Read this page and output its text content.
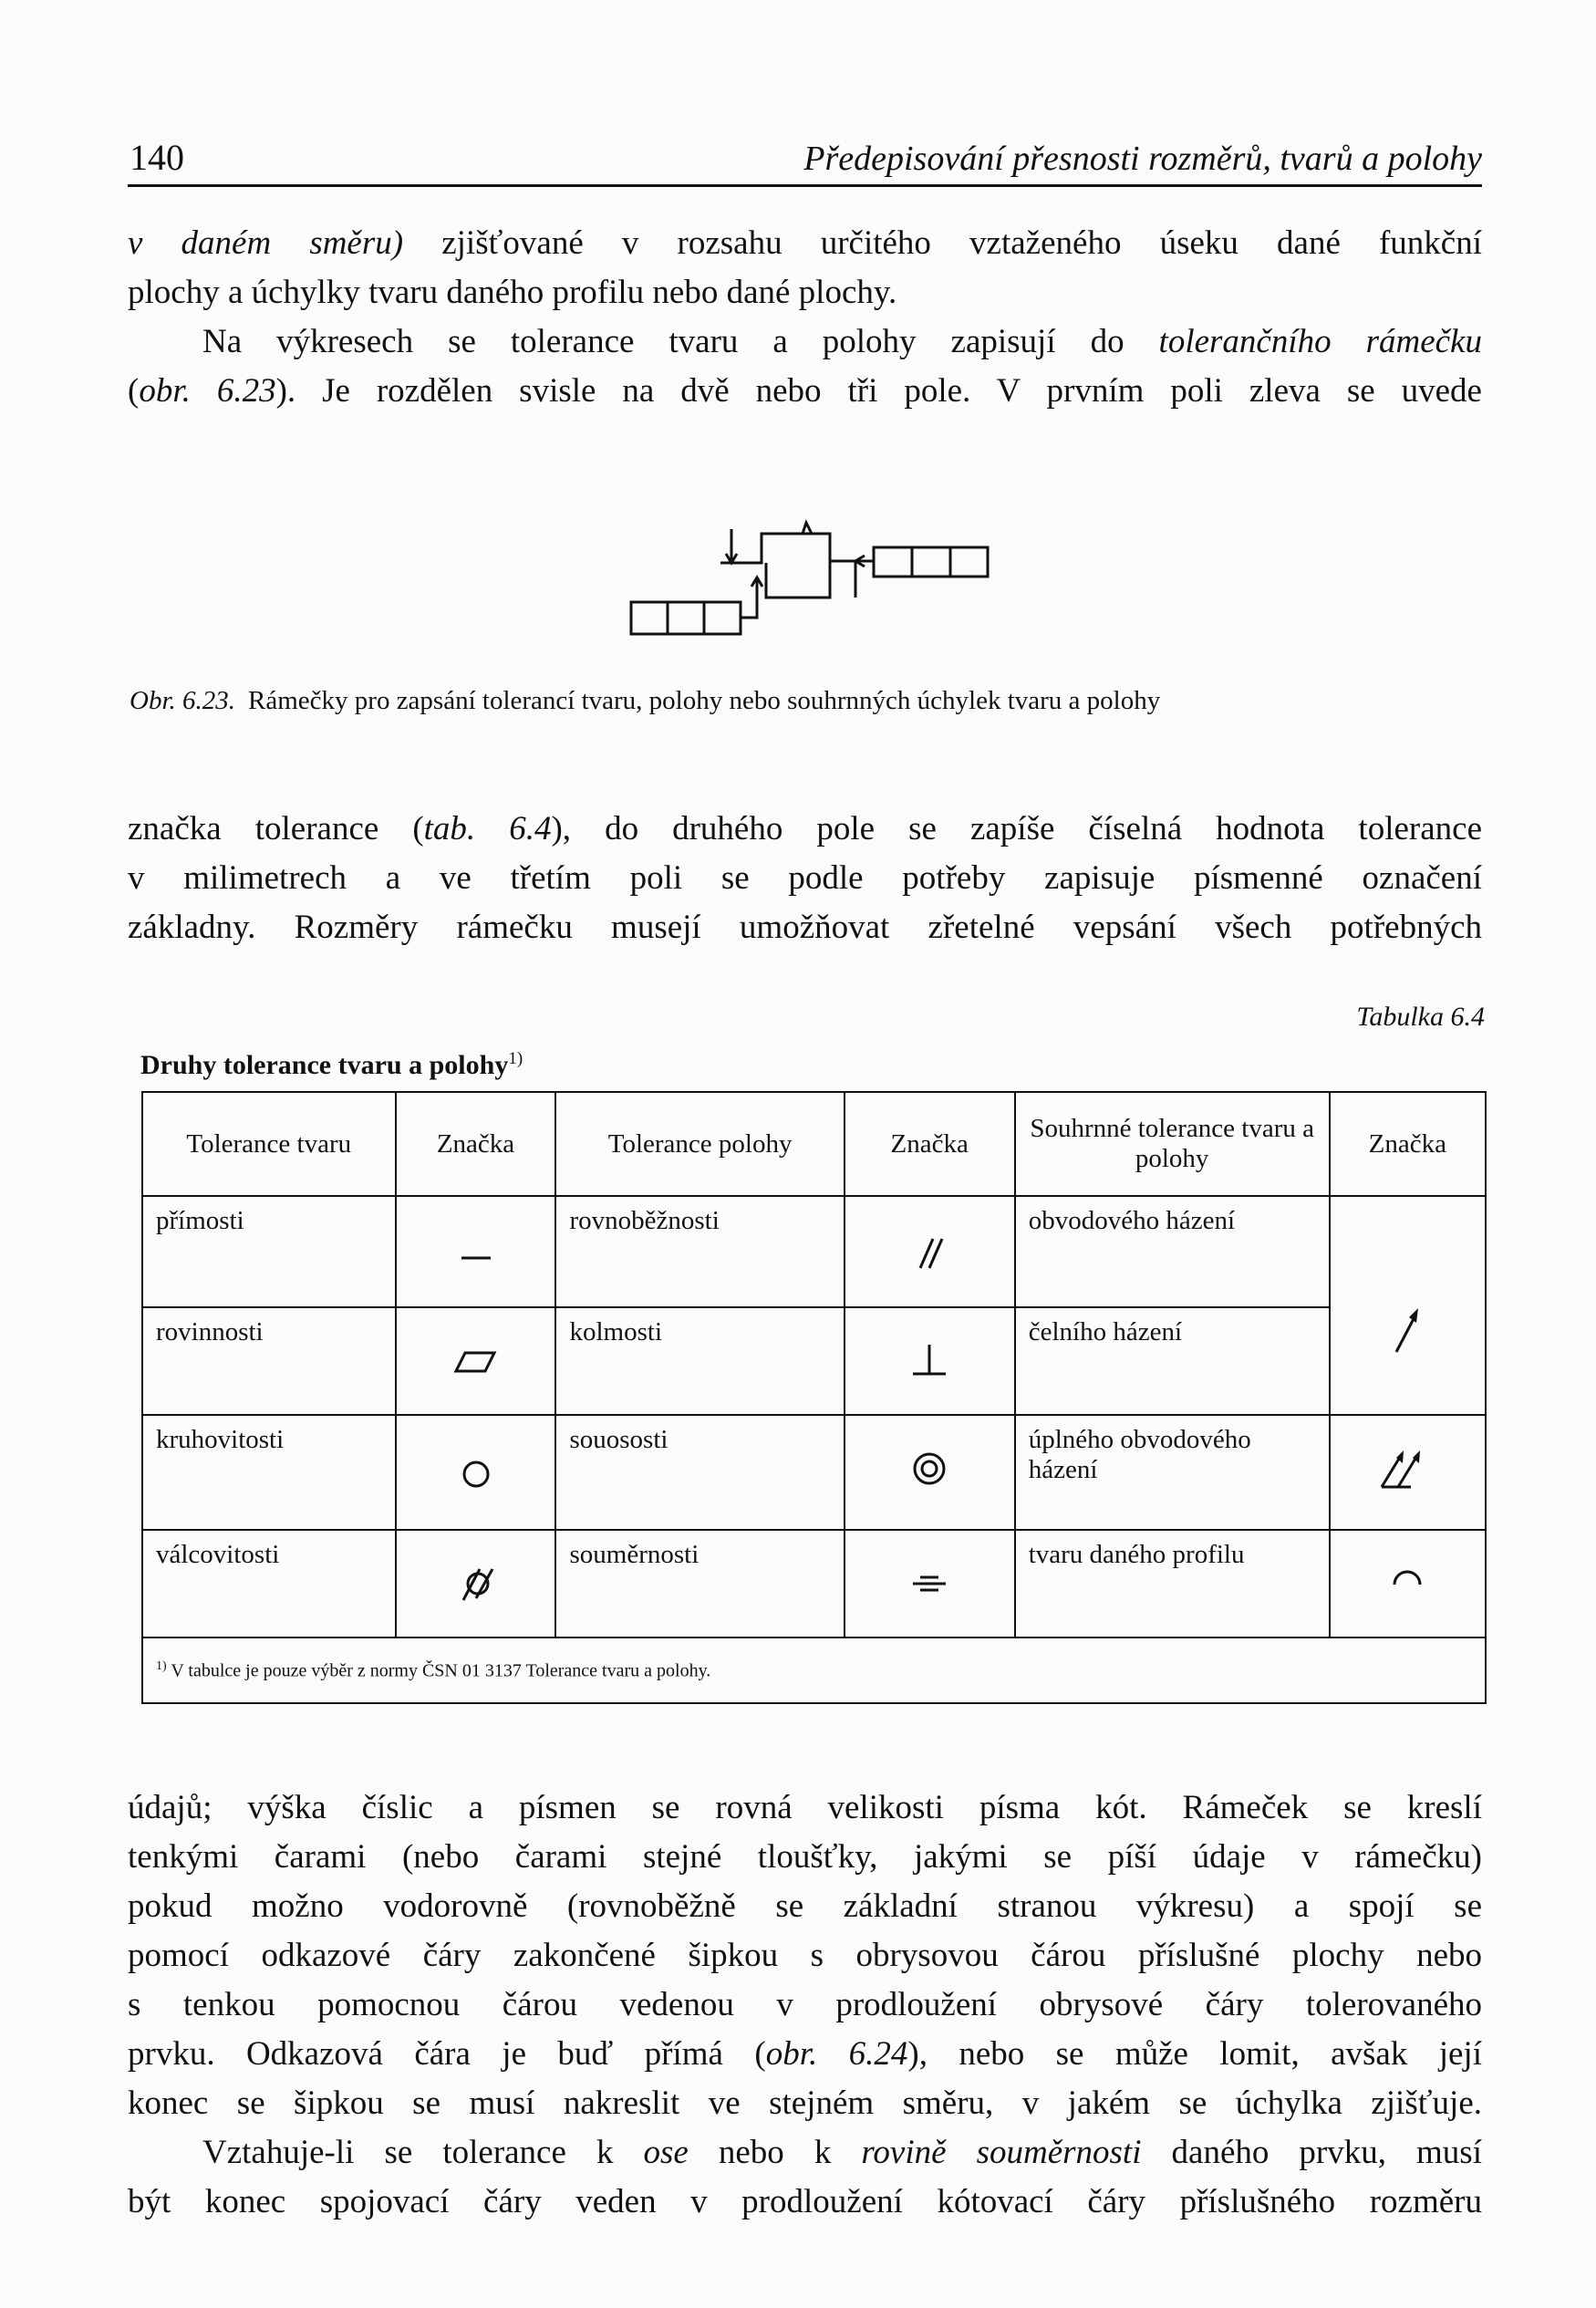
140	Předepisování přesnosti rozměrů, tvarů a polohy
v daném směru) zjišťované v rozsahu určitého vztaženého úseku dané funkční
plochy a úchylky tvaru daného profilu nebo dané plochy.
Na výkresech se tolerance tvaru a polohy zapisují do tolerančního rámečku
(obr. 6.23). Je rozdělen svisle na dvě nebo tři pole. V prvním poli zleva se uvede
Obr. 6.23. Rámečky pro zapsání tolerancí tvaru, polohy nebo souhrnných úchylek tvaru a polohy
značka tolerance (tab. 6.4), do druhého pole se zapíše číselná hodnota tolerance
v milimetrech a ve třetím poli se podle potřeby zapisuje písmenné označení
základny. Rozměry rámečku musejí umožňovat zřetelné vepsání všech potřebných
Tabulka 6.4
Druhy tolerance tvaru a polohy$^{1)}$
Tolerance tvaru	Značka	Tolerance polohy	Značka	Souhrnné tolerance tvaru a polohy	Značka
přímosti		rovnoběžnosti		obvodového házení	
rovinnosti		kolmosti		čelního házení	
kruhovitosti		souososti		úplného obvodového házení	
válcovitosti		souměrnosti		tvaru daného profilu	
$^{1)}$ V tabulce je pouze výběr z normy ČSN 01 3137 Tolerance tvaru a polohy.					
údajů; výška číslic a písmen se rovná velikosti písma kót. Rámeček se kreslí
tenkými čarami (nebo čarami stejné tloušťky, jakými se píší údaje v rámečku)
pokud možno vodorovně (rovnoběžně se základní stranou výkresu) a spojí se
pomocí odkazové čáry zakončené šipkou s obrysovou čárou příslušné plochy nebo
s tenkou pomocnou čárou vedenou v prodloužení obrysové čáry tolerovaného
prvku. Odkazová čára je buď přímá (obr. 6.24), nebo se může lomit, avšak její
konec se šipkou se musí nakreslit ve stejném směru, v jakém se úchylka zjišťuje.
Vztahuje-li se tolerance k ose nebo k rovině souměrnosti daného prvku, musí
být konec spojovací čáry veden v prodloužení kótovací čáry příslušného rozměru
